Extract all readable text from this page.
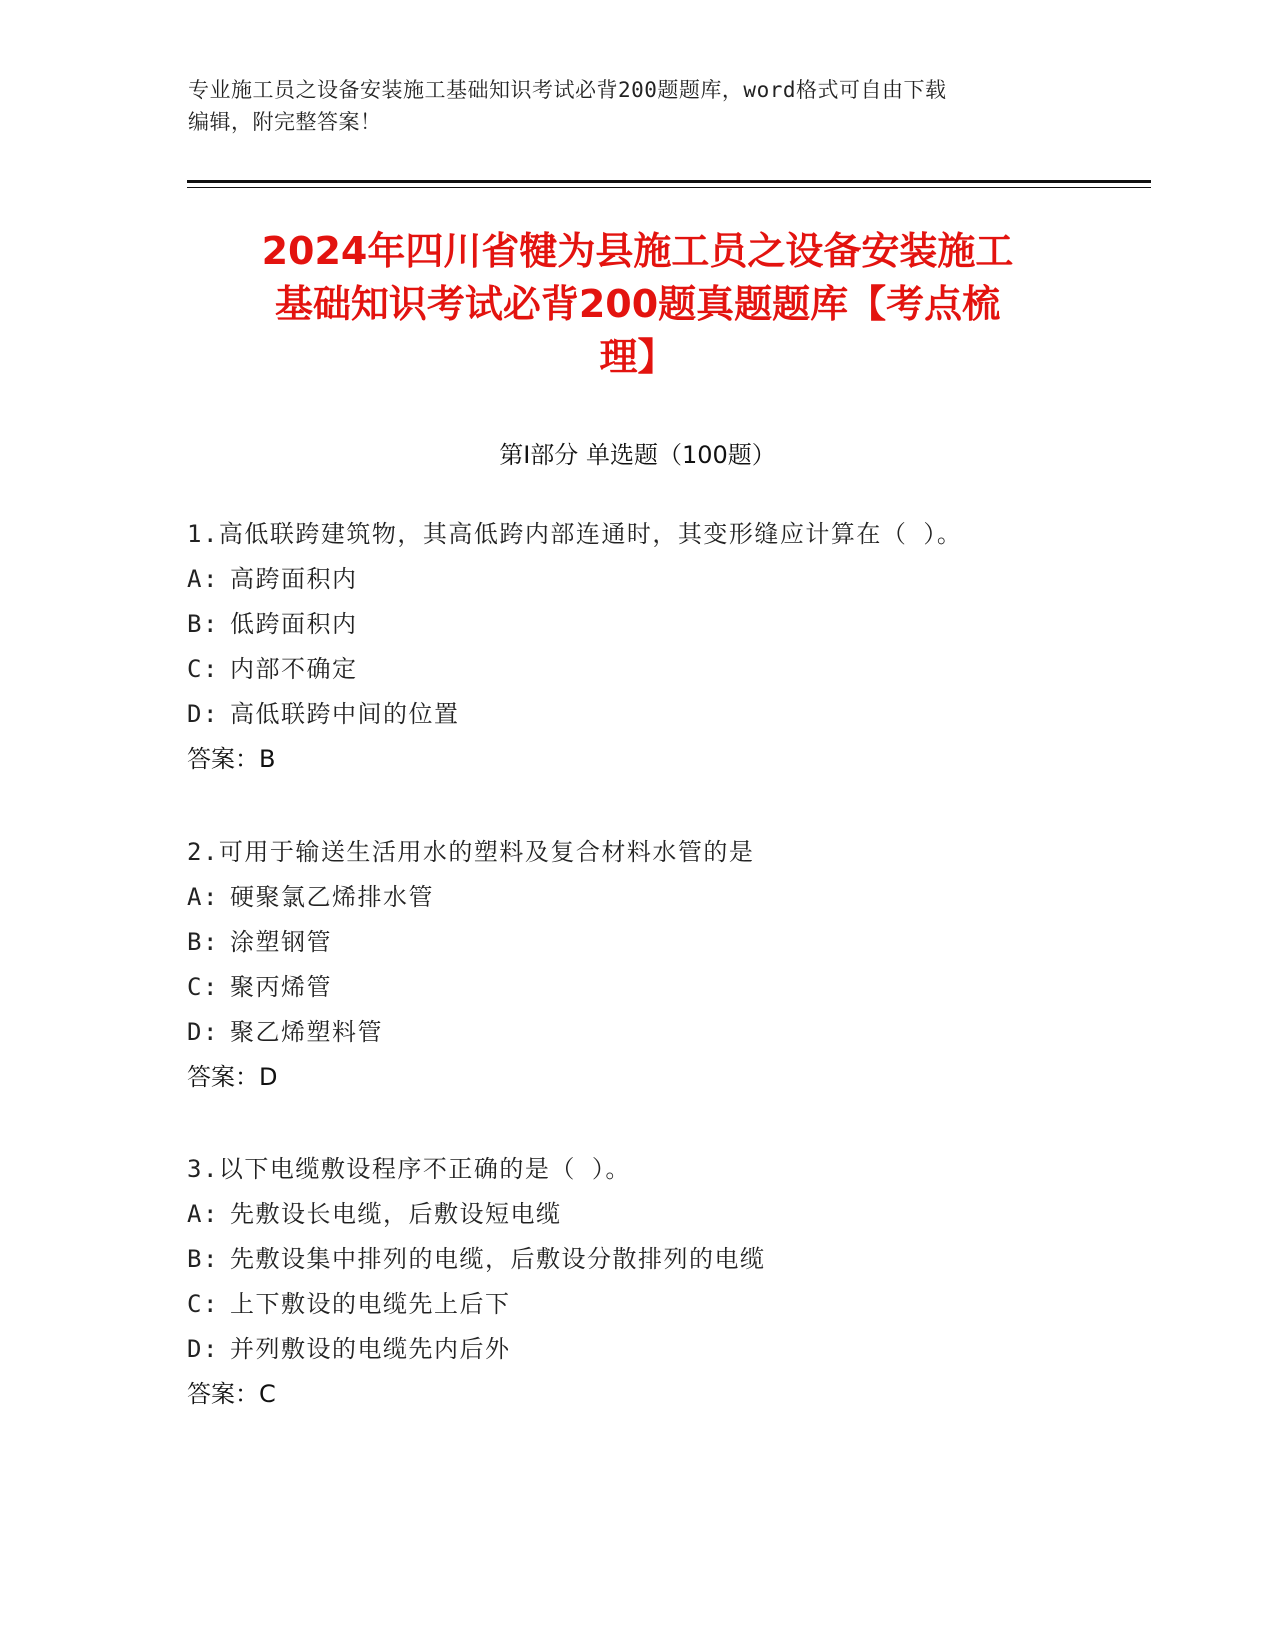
专业施工员之设备安装施工基础知识考试必背200题题库，word格式可自由下载
编辑，附完整答案！
2024年四川省犍为县施工员之设备安装施工
基础知识考试必背200题真题题库【考点梳
理】
第Ⅰ部分 单选题（100题）
1.高低联跨建筑物，其高低跨内部连通时，其变形缝应计算在（ ）。
A: 高跨面积内
B: 低跨面积内
C: 内部不确定
D: 高低联跨中间的位置
答案：B
2.可用于输送生活用水的塑料及复合材料水管的是
A: 硬聚氯乙烯排水管
B: 涂塑钢管
C: 聚丙烯管
D: 聚乙烯塑料管
答案：D
3.以下电缆敷设程序不正确的是（ ）。
A: 先敷设长电缆，后敷设短电缆
B: 先敷设集中排列的电缆，后敷设分散排列的电缆
C: 上下敷设的电缆先上后下
D: 并列敷设的电缆先内后外
答案：C
